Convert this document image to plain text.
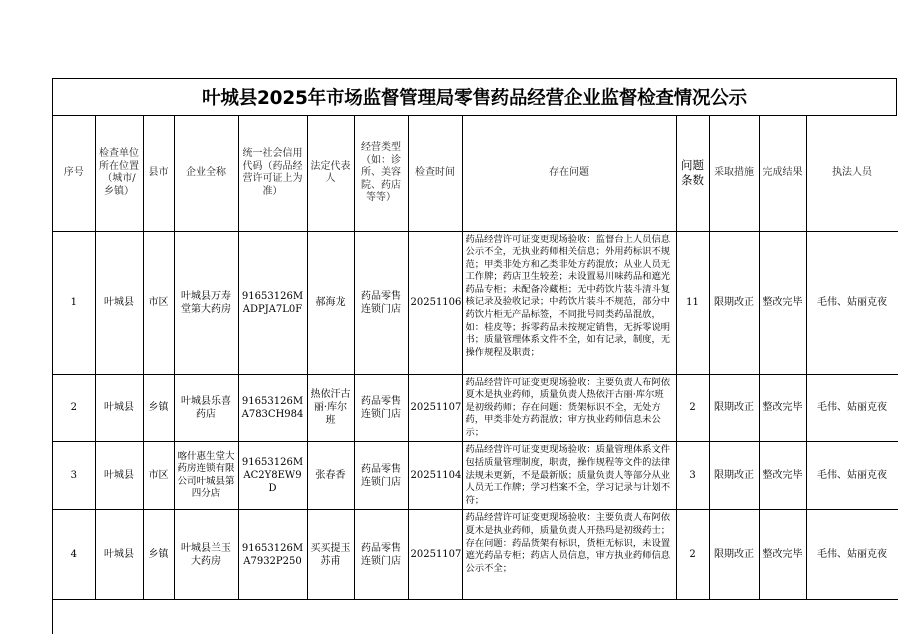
叶城县2025年市场监督管理局零售药品经营企业监督检查情况公示
序号	检查单位所在位置（城市/乡镇）	县市	企业全称	统一社会信用代码（药品经营许可证上为准）	法定代表人	经营类型（如：诊所、美容院、药店等等）	检查时间	存在问题	问题条数	采取措施	完成结果	执法人员
1	叶城县	市区	叶城县万寿堂第大药房	91653126MADPJA7L0F	郝海龙	药品零售连锁门店	20251106	药品经营许可证变更现场验收：监督台上人员信息公示不全，无执业药师相关信息；外用药标识不规范；甲类非处方和乙类非处方药混放；从业人员无工作牌；药店卫生较差；未设置易川味药品和遮光药品专柜；未配备冷藏柜；无中药饮片装斗清斗复核记录及验收记录；中药饮片装斗不规范，部分中药饮片柜无产品标签，不同批号同类药品混放，如：桂皮等；拆零药品未按规定销售，无拆零说明书；质量管理体系文件不全，如有记录，制度，无操作规程及职责；	11	限期改正	整改完毕	毛伟、姑丽克夜
2	叶城县	乡镇	叶城县乐喜药店	91653126MA783CH984	热依汗古丽·库尔班	药品零售连锁门店	20251107	药品经营许可证变更现场验收：主要负责人布阿依夏木是执业药师，质量负责人热依汗古丽·库尔班是初级药师；存在问题：货架标识不全，无处方药，甲类非处方药混放；审方执业药师信息未公示；	2	限期改正	整改完毕	毛伟、姑丽克夜
3	叶城县	市区	喀什惠生堂大药房连锁有限公司叶城县第四分店	91653126MAC2Y8EW9D	张春香	药品零售连锁门店	20251104	药品经营许可证变更现场验收：质量管理体系文件包括质量管理制度，职责，操作规程等文件的法律法规未更新，不是最新版；质量负责人等部分从业人员无工作牌；学习档案不全，学习记录与计划不符；	3	限期改正	整改完毕	毛伟、姑丽克夜
4	叶城县	乡镇	叶城县兰玉大药房	91653126MA7932P250	买买提玉苏甫	药品零售连锁门店	20251107	药品经营许可证变更现场验收：主要负责人布阿依夏木是执业药师，质量负责人开热玛是初级药士；存在问题：药品货架有标识，货柜无标识，未设置遮光药品专柜；药店人员信息，审方执业药师信息公示不全；	2	限期改正	整改完毕	毛伟、姑丽克夜
